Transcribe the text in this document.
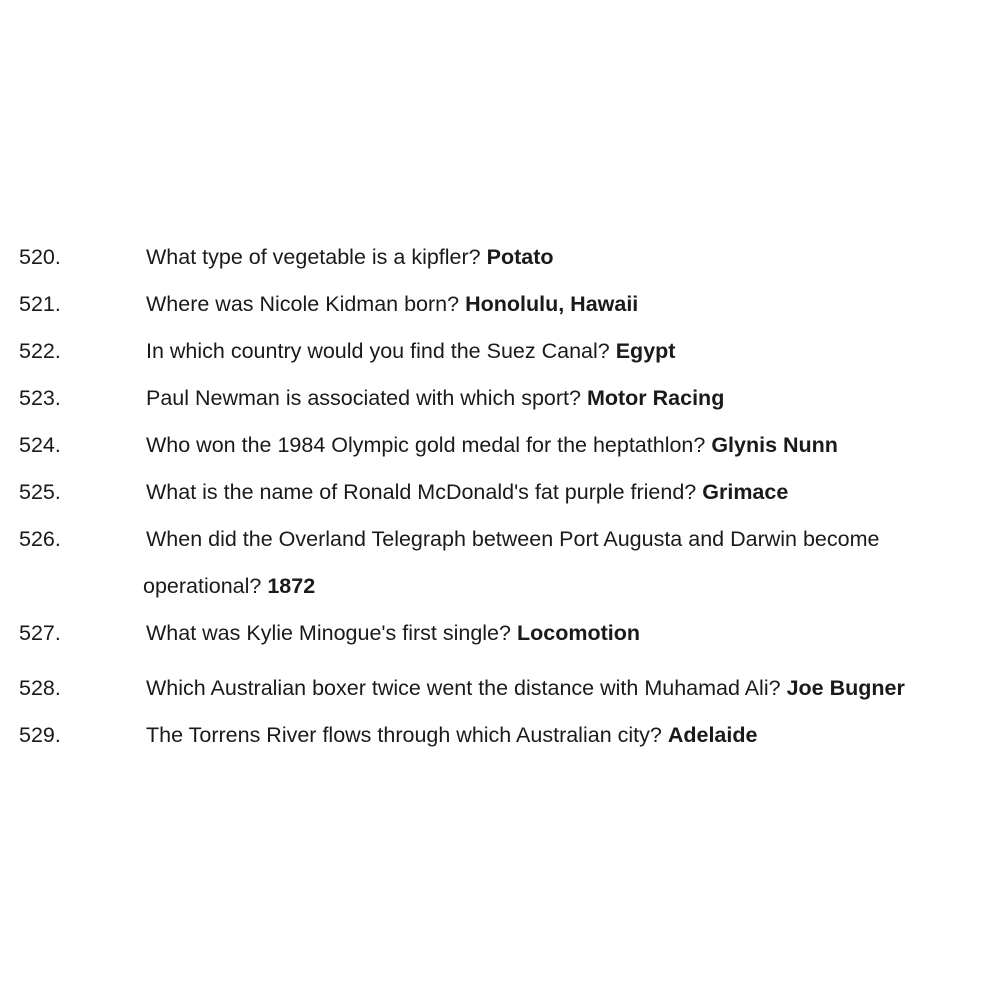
520.	What type of vegetable is a kipfler? Potato
521.	Where was Nicole Kidman born? Honolulu, Hawaii
522.	In which country would you find the Suez Canal? Egypt
523.	Paul Newman is associated with which sport? Motor Racing
524.	Who won the 1984 Olympic gold medal for the heptathlon? Glynis Nunn
525.	What is the name of Ronald McDonald's fat purple friend? Grimace
526.	When did the Overland Telegraph between Port Augusta and Darwin become operational? 1872
527.	What was Kylie Minogue's first single? Locomotion
528.	Which Australian boxer twice went the distance with Muhamad Ali? Joe Bugner
529.	The Torrens River flows through which Australian city? Adelaide
